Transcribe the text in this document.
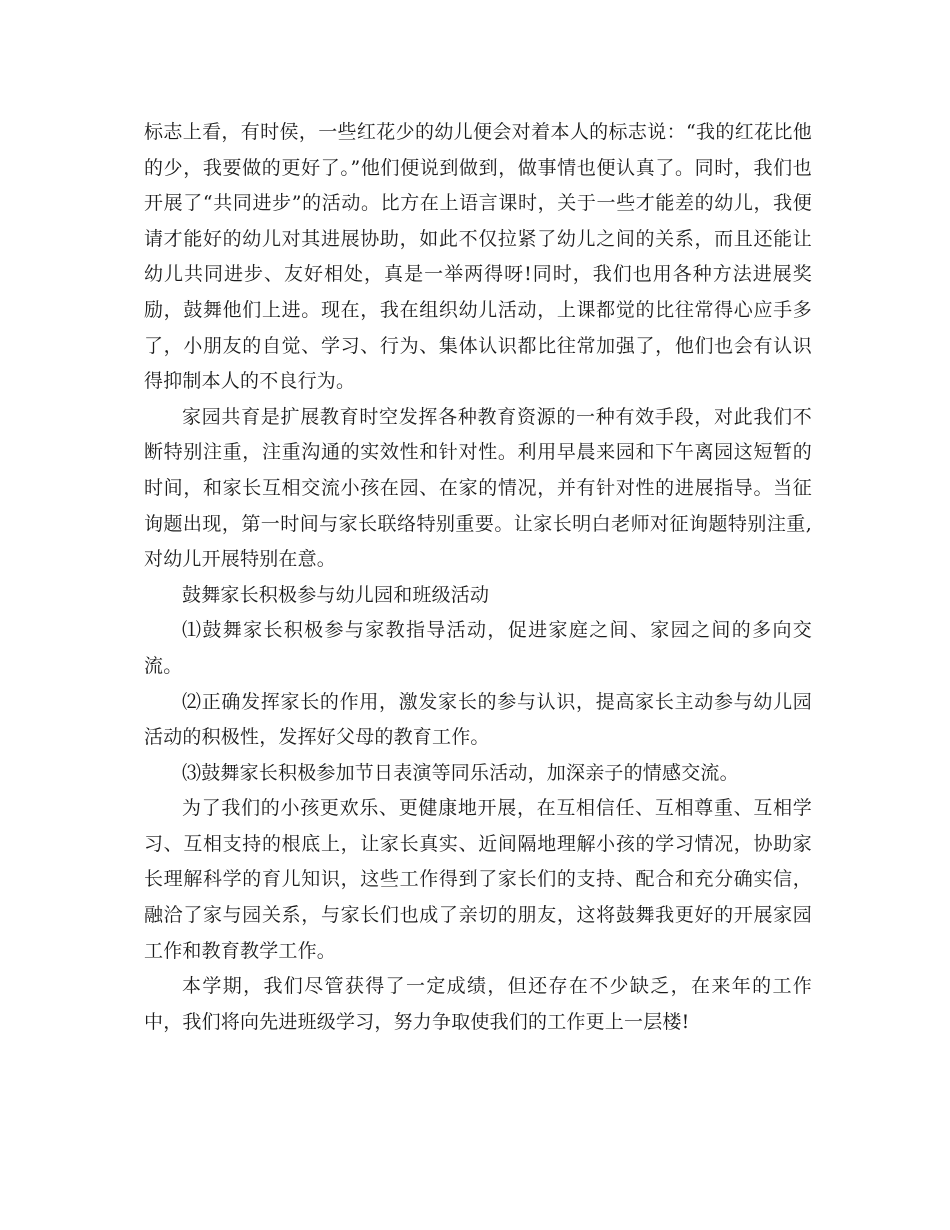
标志上看，有时侯，一些红花少的幼儿便会对着本人的标志说：“我的红花比他的少，我要做的更好了。”他们便说到做到，做事情也便认真了。同时，我们也开展了“共同进步”的活动。比方在上语言课时，关于一些才能差的幼儿，我便请才能好的幼儿对其进展协助，如此不仅拉紧了幼儿之间的关系，而且还能让幼儿共同进步、友好相处，真是一举两得呀!同时，我们也用各种方法进展奖励，鼓舞他们上进。现在，我在组织幼儿活动，上课都觉的比往常得心应手多了，小朋友的自觉、学习、行为、集体认识都比往常加强了，他们也会有认识得抑制本人的不良行为。

家园共育是扩展教育时空发挥各种教育资源的一种有效手段，对此我们不断特别注重，注重沟通的实效性和针对性。利用早晨来园和下午离园这短暂的时间，和家长互相交流小孩在园、在家的情况，并有针对性的进展指导。当征询题出现，第一时间与家长联络特别重要。让家长明白老师对征询题特别注重,对幼儿开展特别在意。

鼓舞家长积极参与幼儿园和班级活动

⑴鼓舞家长积极参与家教指导活动，促进家庭之间、家园之间的多向交流。

⑵正确发挥家长的作用，激发家长的参与认识，提高家长主动参与幼儿园活动的积极性，发挥好父母的教育工作。

⑶鼓舞家长积极参加节日表演等同乐活动，加深亲子的情感交流。

为了我们的小孩更欢乐、更健康地开展，在互相信任、互相尊重、互相学习、互相支持的根底上，让家长真实、近间隔地理解小孩的学习情况，协助家长理解科学的育儿知识，这些工作得到了家长们的支持、配合和充分确实信，融洽了家与园关系，与家长们也成了亲切的朋友，这将鼓舞我更好的开展家园工作和教育教学工作。

本学期，我们尽管获得了一定成绩，但还存在不少缺乏，在来年的工作中，我们将向先进班级学习，努力争取使我们的工作更上一层楼!
